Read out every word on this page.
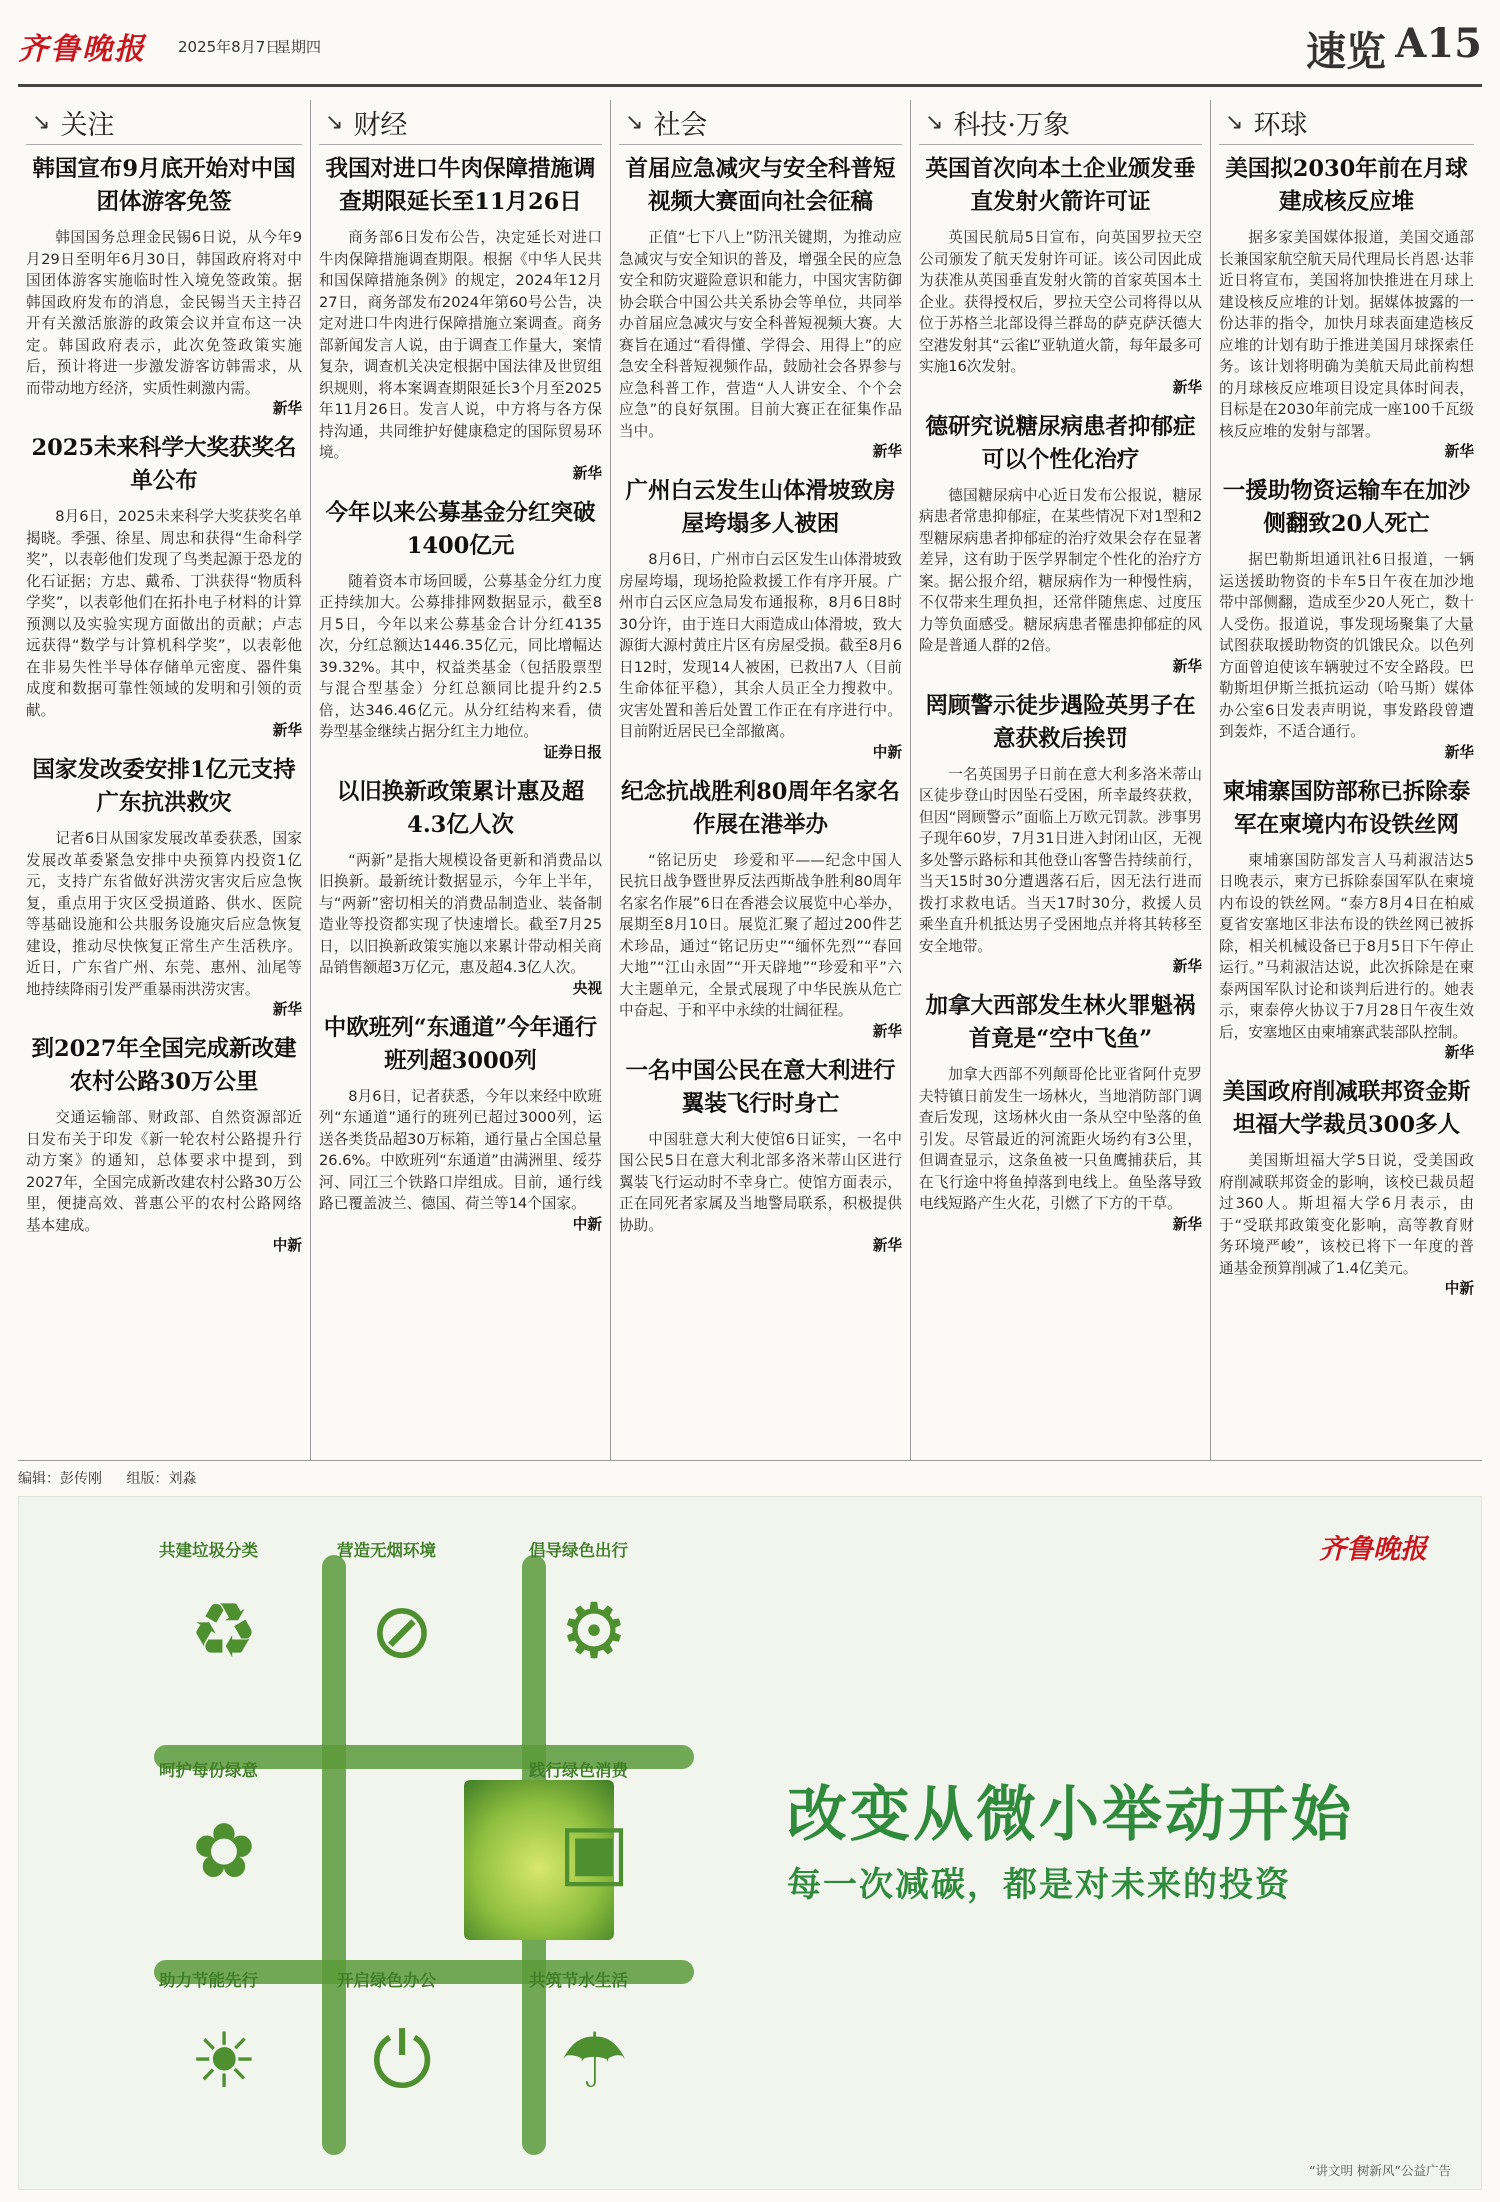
齐鲁晚报 2025年8月7日
星期四	速览 A15
↘ 关注
韩国宣布9月底开始对中国团体游客免签

韩国国务总理金民锡6日说，从今年9月29日至明年6月30日，韩国政府将对中国团体游客实施临时性入境免签政策。据韩国政府发布的消息，金民锡当天主持召开有关激活旅游的政策会议并宣布这一决定。韩国政府表示，此次免签政策实施后，预计将进一步激发游客访韩需求，从而带动地方经济，实质性刺激内需。

新华
2025未来科学大奖获奖名单公布

8月6日，2025未来科学大奖获奖名单揭晓。季强、徐星、周忠和获得“生命科学奖”，以表彰他们发现了鸟类起源于恐龙的化石证据；方忠、戴希、丁洪获得“物质科学奖”，以表彰他们在拓扑电子材料的计算预测以及实验实现方面做出的贡献；卢志远获得“数学与计算机科学奖”，以表彰他在非易失性半导体存储单元密度、器件集成度和数据可靠性领域的发明和引领的贡献。

新华
国家发改委安排1亿元支持广东抗洪救灾

记者6日从国家发展改革委获悉，国家发展改革委紧急安排中央预算内投资1亿元，支持广东省做好洪涝灾害灾后应急恢复，重点用于灾区受损道路、供水、医院等基础设施和公共服务设施灾后应急恢复建设，推动尽快恢复正常生产生活秩序。近日，广东省广州、东莞、惠州、汕尾等地持续降雨引发严重暴雨洪涝灾害。

新华
到2027年全国完成新改建农村公路30万公里

交通运输部、财政部、自然资源部近日发布关于印发《新一轮农村公路提升行动方案》的通知，总体要求中提到，到2027年，全国完成新改建农村公路30万公里，便捷高效、普惠公平的农村公路网络基本建成。

中新
↘ 财经
我国对进口牛肉保障措施调查期限延长至11月26日

商务部6日发布公告，决定延长对进口牛肉保障措施调查期限。根据《中华人民共和国保障措施条例》的规定，2024年12月27日，商务部发布2024年第60号公告，决定对进口牛肉进行保障措施立案调查。商务部新闻发言人说，由于调查工作量大，案情复杂，调查机关决定根据中国法律及世贸组织规则，将本案调查期限延长3个月至2025年11月26日。发言人说，中方将与各方保持沟通，共同维护好健康稳定的国际贸易环境。

新华
今年以来公募基金分红突破1400亿元

随着资本市场回暖，公募基金分红力度正持续加大。公募排排网数据显示，截至8月5日，今年以来公募基金合计分红4135次，分红总额达1446.35亿元，同比增幅达39.32%。其中，权益类基金（包括股票型与混合型基金）分红总额同比提升约2.5倍，达346.46亿元。从分红结构来看，债券型基金继续占据分红主力地位。

证券日报
以旧换新政策累计惠及超4.3亿人次

“两新”是指大规模设备更新和消费品以旧换新。最新统计数据显示，今年上半年，与“两新”密切相关的消费品制造业、装备制造业等投资都实现了快速增长。截至7月25日，以旧换新政策实施以来累计带动相关商品销售额超3万亿元，惠及超4.3亿人次。

央视
中欧班列“东通道”今年通行班列超3000列

8月6日，记者获悉，今年以来经中欧班列“东通道”通行的班列已超过3000列，运送各类货品超30万标箱，通行量占全国总量26.6%。中欧班列“东通道”由满洲里、绥芬河、同江三个铁路口岸组成。目前，通行线路已覆盖波兰、德国、荷兰等14个国家。

中新
↘ 社会
首届应急减灾与安全科普短视频大赛面向社会征稿

正值“七下八上”防汛关键期，为推动应急减灾与安全知识的普及，增强全民的应急安全和防灾避险意识和能力，中国灾害防御协会联合中国公共关系协会等单位，共同举办首届应急减灾与安全科普短视频大赛。大赛旨在通过“看得懂、学得会、用得上”的应急安全科普短视频作品，鼓励社会各界参与应急科普工作，营造“人人讲安全、个个会应急”的良好氛围。目前大赛正在征集作品当中。

新华
广州白云发生山体滑坡致房屋垮塌多人被困

8月6日，广州市白云区发生山体滑坡致房屋垮塌，现场抢险救援工作有序开展。广州市白云区应急局发布通报称，8月6日8时30分许，由于连日大雨造成山体滑坡，致大源街大源村黄庄片区有房屋受损。截至8月6日12时，发现14人被困，已救出7人（目前生命体征平稳），其余人员正全力搜救中。灾害处置和善后处置工作正在有序进行中。目前附近居民已全部撤离。

中新
纪念抗战胜利80周年名家名作展在港举办

“铭记历史　珍爱和平——纪念中国人民抗日战争暨世界反法西斯战争胜利80周年名家名作展”6日在香港会议展览中心举办，展期至8月10日。展览汇聚了超过200件艺术珍品，通过“铭记历史”“缅怀先烈”“春回大地”“江山永固”“开天辟地”“珍爱和平”六大主题单元，全景式展现了中华民族从危亡中奋起、于和平中永续的壮阔征程。

新华
一名中国公民在意大利进行翼装飞行时身亡

中国驻意大利大使馆6日证实，一名中国公民5日在意大利北部多洛米蒂山区进行翼装飞行运动时不幸身亡。使馆方面表示，正在同死者家属及当地警局联系，积极提供协助。

新华
↘ 科技·万象
英国首次向本土企业颁发垂直发射火箭许可证

英国民航局5日宣布，向英国罗拉天空公司颁发了航天发射许可证。该公司因此成为获准从英国垂直发射火箭的首家英国本土企业。获得授权后，罗拉天空公司将得以从位于苏格兰北部设得兰群岛的萨克萨沃德大空港发射其“云雀L”亚轨道火箭，每年最多可实施16次发射。

新华
德研究说糖尿病患者抑郁症可以个性化治疗

德国糖尿病中心近日发布公报说，糖尿病患者常患抑郁症，在某些情况下对1型和2型糖尿病患者抑郁症的治疗效果会存在显著差异，这有助于医学界制定个性化的治疗方案。据公报介绍，糖尿病作为一种慢性病，不仅带来生理负担，还常伴随焦虑、过度压力等负面感受。糖尿病患者罹患抑郁症的风险是普通人群的2倍。

新华
罔顾警示徒步遇险英男子在意获救后挨罚

一名英国男子日前在意大利多洛米蒂山区徒步登山时因坠石受困，所幸最终获救，但因“罔顾警示”面临上万欧元罚款。涉事男子现年60岁，7月31日进入封闭山区，无视多处警示路标和其他登山客警告持续前行，当天15时30分遭遇落石后，因无法行进而拨打求救电话。当天17时30分，救援人员乘坐直升机抵达男子受困地点并将其转移至安全地带。

新华
加拿大西部发生林火罪魁祸首竟是“空中飞鱼”

加拿大西部不列颠哥伦比亚省阿什克罗夫特镇日前发生一场林火，当地消防部门调查后发现，这场林火由一条从空中坠落的鱼引发。尽管最近的河流距火场约有3公里，但调查显示，这条鱼被一只鱼鹰捕获后，其在飞行途中将鱼掉落到电线上。鱼坠落导致电线短路产生火花，引燃了下方的干草。

新华
↘ 环球
美国拟2030年前在月球建成核反应堆

据多家美国媒体报道，美国交通部长兼国家航空航天局代理局长肖恩·达菲近日将宣布，美国将加快推进在月球上建设核反应堆的计划。据媒体披露的一份达菲的指令，加快月球表面建造核反应堆的计划有助于推进美国月球探索任务。该计划将明确为美航天局此前构想的月球核反应堆项目设定具体时间表，目标是在2030年前完成一座100千瓦级核反应堆的发射与部署。

新华
一援助物资运输车在加沙侧翻致20人死亡

据巴勒斯坦通讯社6日报道，一辆运送援助物资的卡车5日午夜在加沙地带中部侧翻，造成至少20人死亡，数十人受伤。报道说，事发现场聚集了大量试图获取援助物资的饥饿民众。以色列方面曾迫使该车辆驶过不安全路段。巴勒斯坦伊斯兰抵抗运动（哈马斯）媒体办公室6日发表声明说，事发路段曾遭到轰炸，不适合通行。

新华
柬埔寨国防部称已拆除泰军在柬境内布设铁丝网

柬埔寨国防部发言人马莉淑洁达5日晚表示，柬方已拆除泰国军队在柬境内布设的铁丝网。“泰方8月4日在柏威夏省安塞地区非法布设的铁丝网已被拆除，相关机械设备已于8月5日下午停止运行。”马莉淑洁达说，此次拆除是在柬泰两国军队讨论和谈判后进行的。她表示，柬泰停火协议于7月28日午夜生效后，安塞地区由柬埔寨武装部队控制。

新华
美国政府削减联邦资金斯坦福大学裁员300多人

美国斯坦福大学5日说，受美国政府削减联邦资金的影响，该校已裁员超过360人。斯坦福大学6月表示，由于“受联邦政策变化影响，高等教育财务环境严峻”，该校已将下一年度的普通基金预算削减了1.4亿美元。

中新
编辑：彭传刚 组版：刘淼
共建垃圾分类
♻
营造无烟环境
⊘
倡导绿色出行
⚙
呵护每份绿意
✿
践行绿色消费
▣
助力节能先行
☀
开启绿色办公
⏻
共筑节水生活
☂
齐鲁晚报
改变从微小举动开始
每一次减碳，都是对未来的投资
“讲文明 树新风”公益广告
